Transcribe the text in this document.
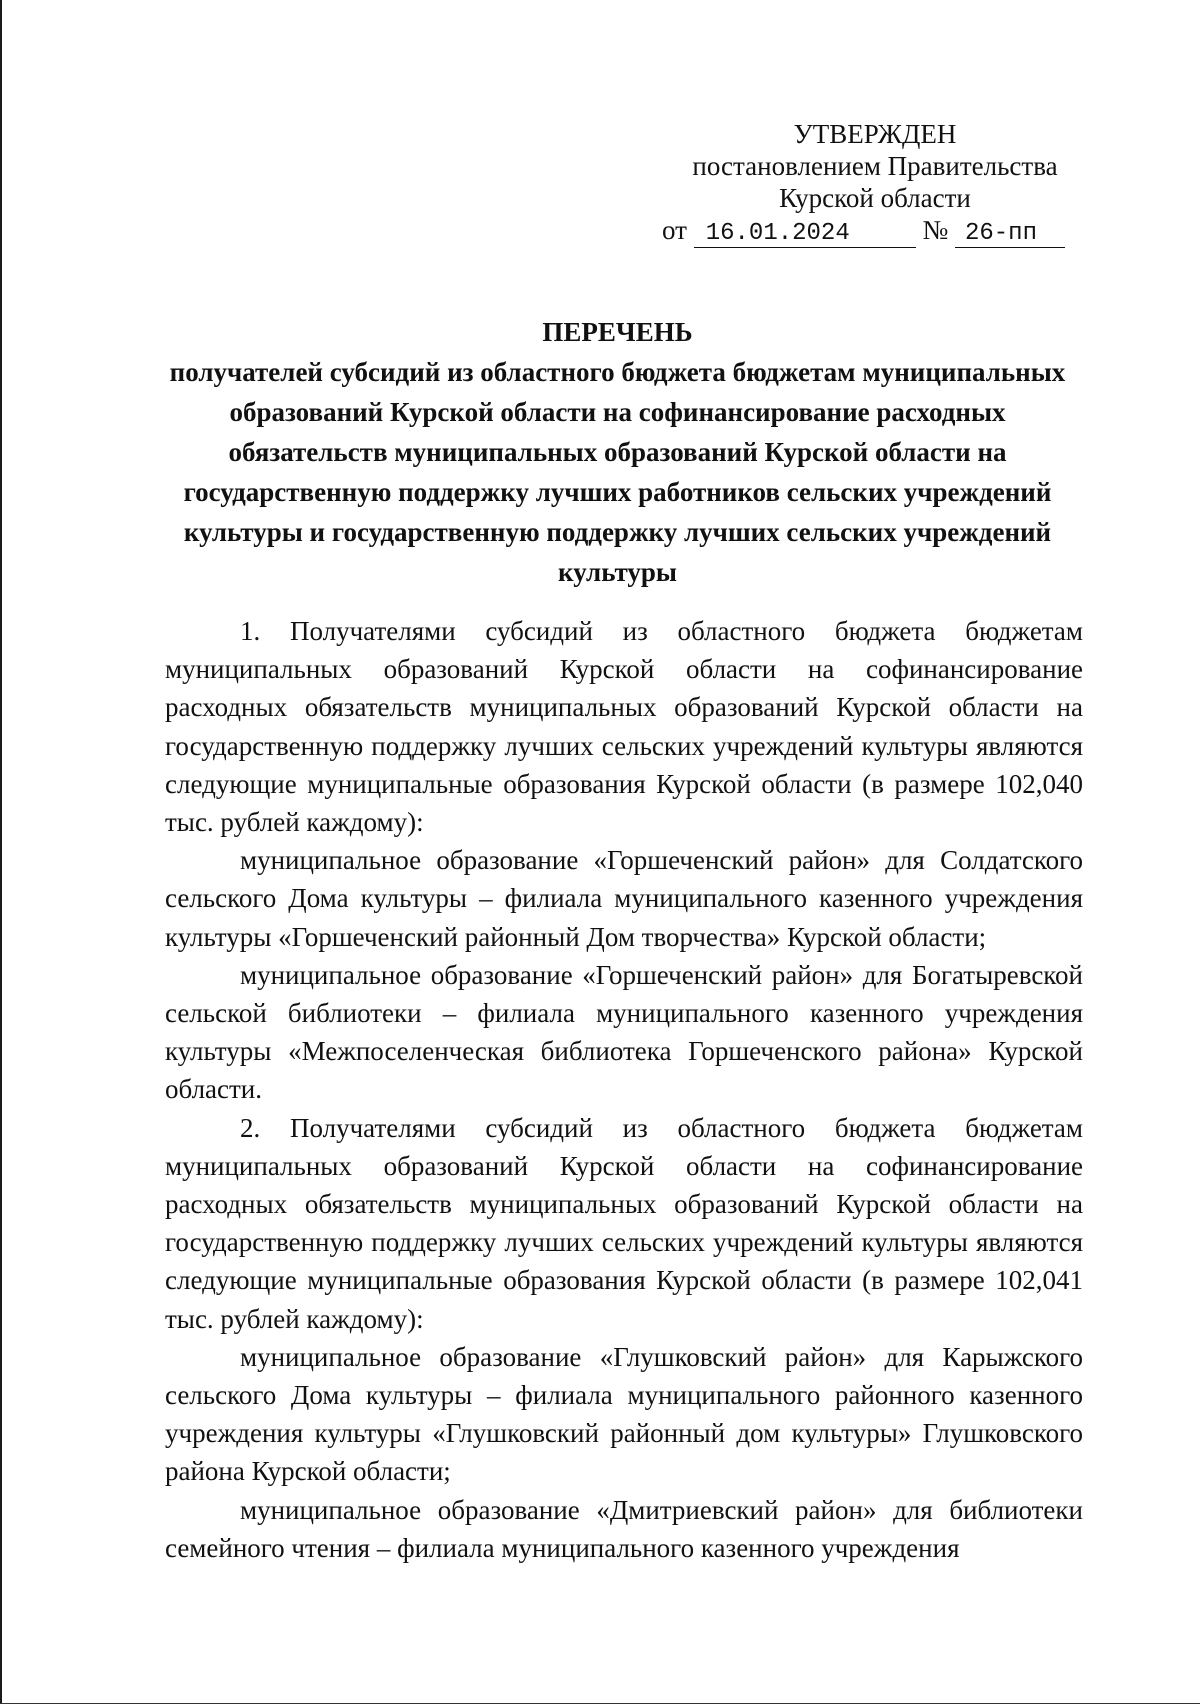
УТВЕРЖДЕН
постановлением Правительства
Курской области
от 16.01.2024	№ 26-пп
ПЕРЕЧЕНЬ
получателей субсидий из областного бюджета бюджетам муниципальных образований Курской области на софинансирование расходных обязательств муниципальных образований Курской области на государственную поддержку лучших работников сельских учреждений культуры и государственную поддержку лучших сельских учреждений культуры

1. Получателями субсидий из областного бюджета бюджетам муниципальных образований Курской области на софинансирование расходных обязательств муниципальных образований Курской области на государственную поддержку лучших сельских учреждений культуры являются следующие муниципальные образования Курской области (в размере 102,040 тыс. рублей каждому):

муниципальное образование «Горшеченский район» для Солдатского сельского Дома культуры – филиала муниципального казенного учреждения культуры «Горшеченский районный Дом творчества» Курской области;

муниципальное образование «Горшеченский район» для Богатыревской сельской библиотеки – филиала муниципального казенного учреждения культуры «Межпоселенческая библиотека Горшеченского района» Курской области.

2. Получателями субсидий из областного бюджета бюджетам муниципальных образований Курской области на софинансирование расходных обязательств муниципальных образований Курской области на государственную поддержку лучших сельских учреждений культуры являются следующие муниципальные образования Курской области (в размере 102,041 тыс. рублей каждому):

муниципальное образование «Глушковский район» для Карыжского сельского Дома культуры – филиала муниципального районного казенного учреждения культуры «Глушковский районный дом культуры» Глушковского района Курской области;

муниципальное образование «Дмитриевский район» для библиотеки семейного чтения – филиала муниципального казенного учреждения
